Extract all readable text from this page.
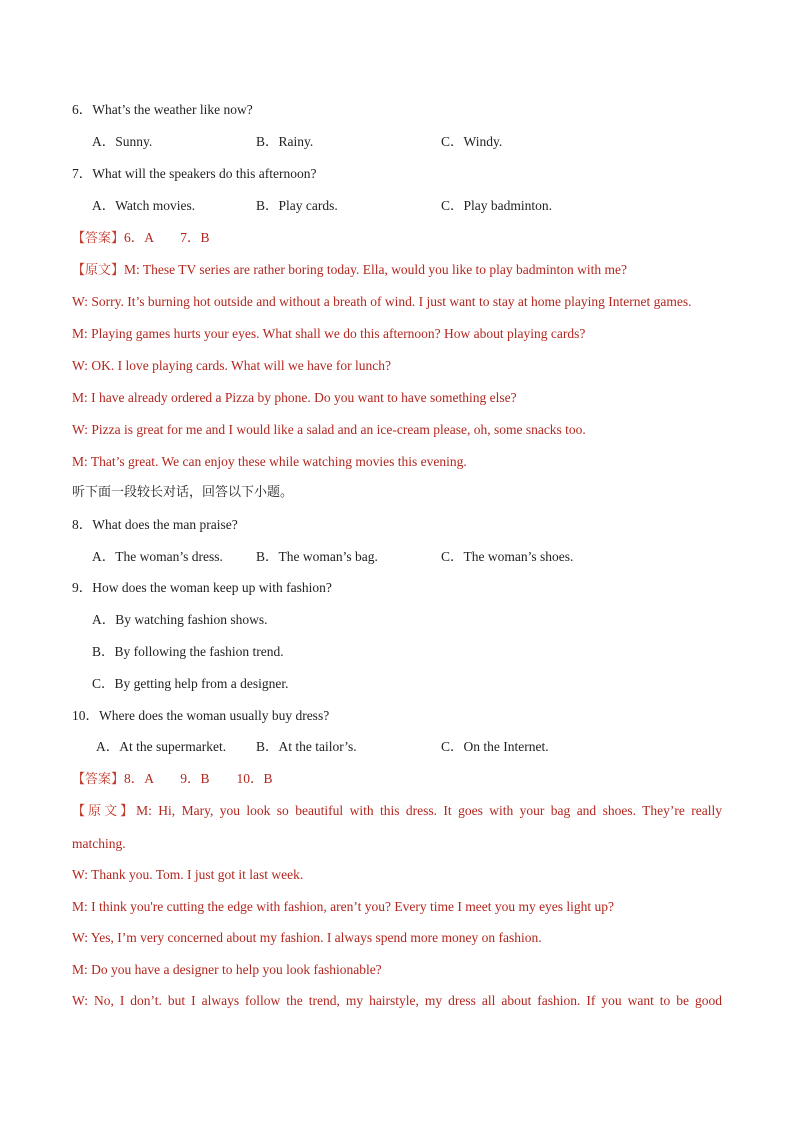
6．What’s the weather like now?
A．Sunny.	B．Rainy.	C．Windy.
7．What will the speakers do this afternoon?
A．Watch movies.	B．Play cards.	C．Play badminton.
【答案】6．A　　7．B
【原文】M: These TV series are rather boring today. Ella, would you like to play badminton with me?
W: Sorry. It’s burning hot outside and without a breath of wind. I just want to stay at home playing Internet games.
M: Playing games hurts your eyes. What shall we do this afternoon? How about playing cards?
W: OK. I love playing cards. What will we have for lunch?
M: I have already ordered a Pizza by phone. Do you want to have something else?
W: Pizza is great for me and I would like a salad and an ice-cream please, oh, some snacks too.
M: That’s great. We can enjoy these while watching movies this evening.
听下面一段较长对话，回答以下小题。
8．What does the man praise?
A．The woman’s dress. B．The woman’s bag.	C．The woman’s shoes.
9．How does the woman keep up with fashion?
A．By watching fashion shows.
B．By following the fashion trend.
C．By getting help from a designer.
10．Where does the woman usually buy dress?
A．At the supermarket. B．At the tailor’s.	C．On the Internet.
【答案】8．A　　9．B　　10．B
【原文】M: Hi, Mary, you look so beautiful with this dress. It goes with your bag and shoes. They’re really
matching.
W: Thank you. Tom. I just got it last week.
M: I think you're cutting the edge with fashion, aren’t you? Every time I meet you my eyes light up?
W: Yes, I’m very concerned about my fashion. I always spend more money on fashion.
M: Do you have a designer to help you look fashionable?
W: No, I don’t. but I always follow the trend, my hairstyle, my dress all about fashion. If you want to be good
